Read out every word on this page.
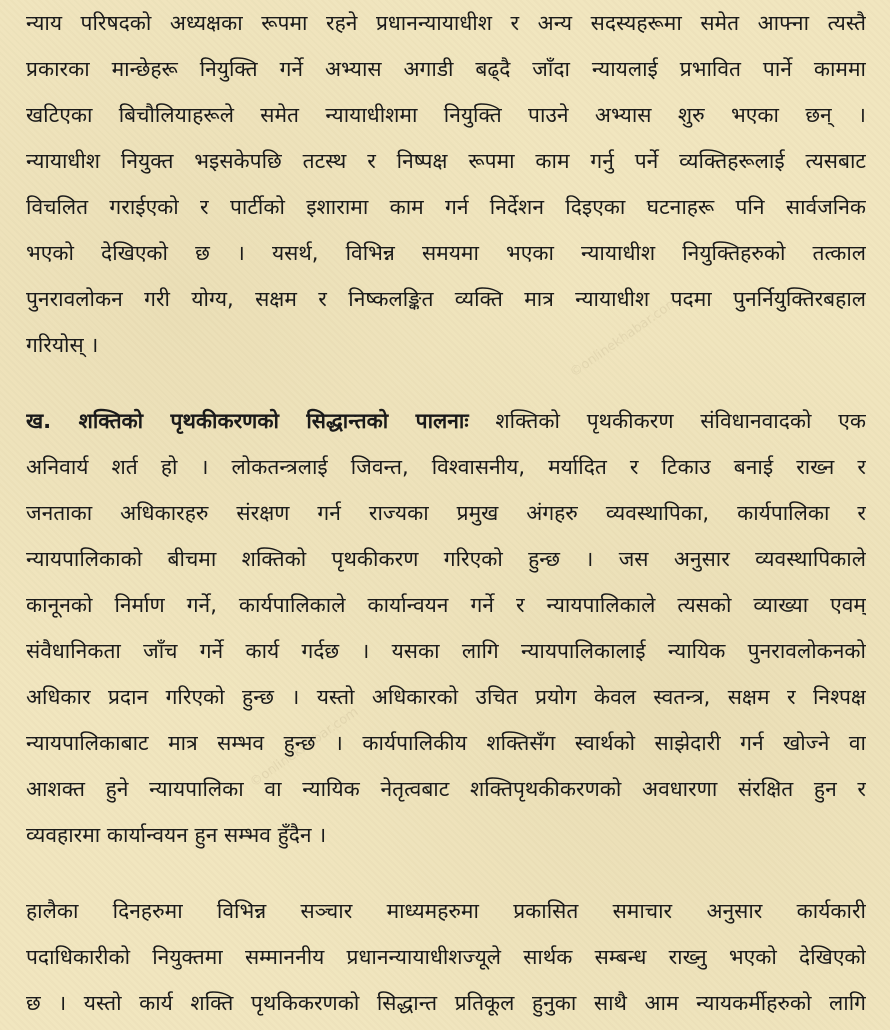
©onlinekhabar.com
©onlinekhabar.com
न्याय परिषदको अध्यक्षका रूपमा रहने प्रधानन्यायाधीश र अन्य सदस्यहरूमा समेत आफ्ना त्यस्तै
प्रकारका मान्छेहरू नियुक्ति गर्ने अभ्यास अगाडी बढ्दै जाँदा न्यायलाई प्रभावित पार्ने काममा
खटिएका बिचौलियाहरूले समेत न्यायाधीशमा नियुक्ति पाउने अभ्यास शुरु भएका छन् ।
न्यायाधीश नियुक्त भइसकेपछि तटस्थ र निष्पक्ष रूपमा काम गर्नु पर्ने व्यक्तिहरूलाई त्यसबाट
विचलित गराईएको र पार्टीको इशारामा काम गर्न निर्देशन दिइएका घटनाहरू पनि सार्वजनिक
भएको देखिएको छ । यसर्थ, विभिन्न समयमा भएका न्यायाधीश नियुक्तिहरुको तत्काल
पुनरावलोकन गरी योग्य, सक्षम र निष्कलङ्कित व्यक्ति मात्र न्यायाधीश पदमा पुनर्नियुक्तिरबहाल
गरियोस् ।
ख. शक्तिको पृथकीकरणको सिद्धान्तको पालनाः शक्तिको पृथकीकरण संविधानवादको एक
अनिवार्य शर्त हो । लोकतन्त्रलाई जिवन्त, विश्वासनीय, मर्यादित र टिकाउ बनाई राख्न र
जनताका अधिकारहरु संरक्षण गर्न राज्यका प्रमुख अंगहरु व्यवस्थापिका, कार्यपालिका र
न्यायपालिकाको बीचमा शक्तिको पृथकीकरण गरिएको हुन्छ । जस अनुसार व्यवस्थापिकाले
कानूनको निर्माण गर्ने, कार्यपालिकाले कार्यान्वयन गर्ने र न्यायपालिकाले त्यसको व्याख्या एवम्
संवैधानिकता जाँच गर्ने कार्य गर्दछ । यसका लागि न्यायपालिकालाई न्यायिक पुनरावलोकनको
अधिकार प्रदान गरिएको हुन्छ । यस्तो अधिकारको उचित प्रयोग केवल स्वतन्त्र, सक्षम र निश्पक्ष
न्यायपालिकाबाट मात्र सम्भव हुन्छ । कार्यपालिकीय शक्तिसँग स्वार्थको साझेदारी गर्न खोज्ने वा
आशक्त हुने न्यायपालिका वा न्यायिक नेतृत्वबाट शक्तिपृथकीकरणको अवधारणा संरक्षित हुन र
व्यवहारमा कार्यान्वयन हुन सम्भव हुँदैन ।
हालैका दिनहरुमा विभिन्न सञ्चार माध्यमहरुमा प्रकासित समाचार अनुसार कार्यकारी
पदाधिकारीको नियुक्तमा सम्माननीय प्रधानन्यायाधीशज्यूले सार्थक सम्बन्ध राख्नु भएको देखिएको
छ । यस्तो कार्य शक्ति पृथकिकरणको सिद्धान्त प्रतिकूल हुनुका साथै आम न्यायकर्मीहरुको लागि
